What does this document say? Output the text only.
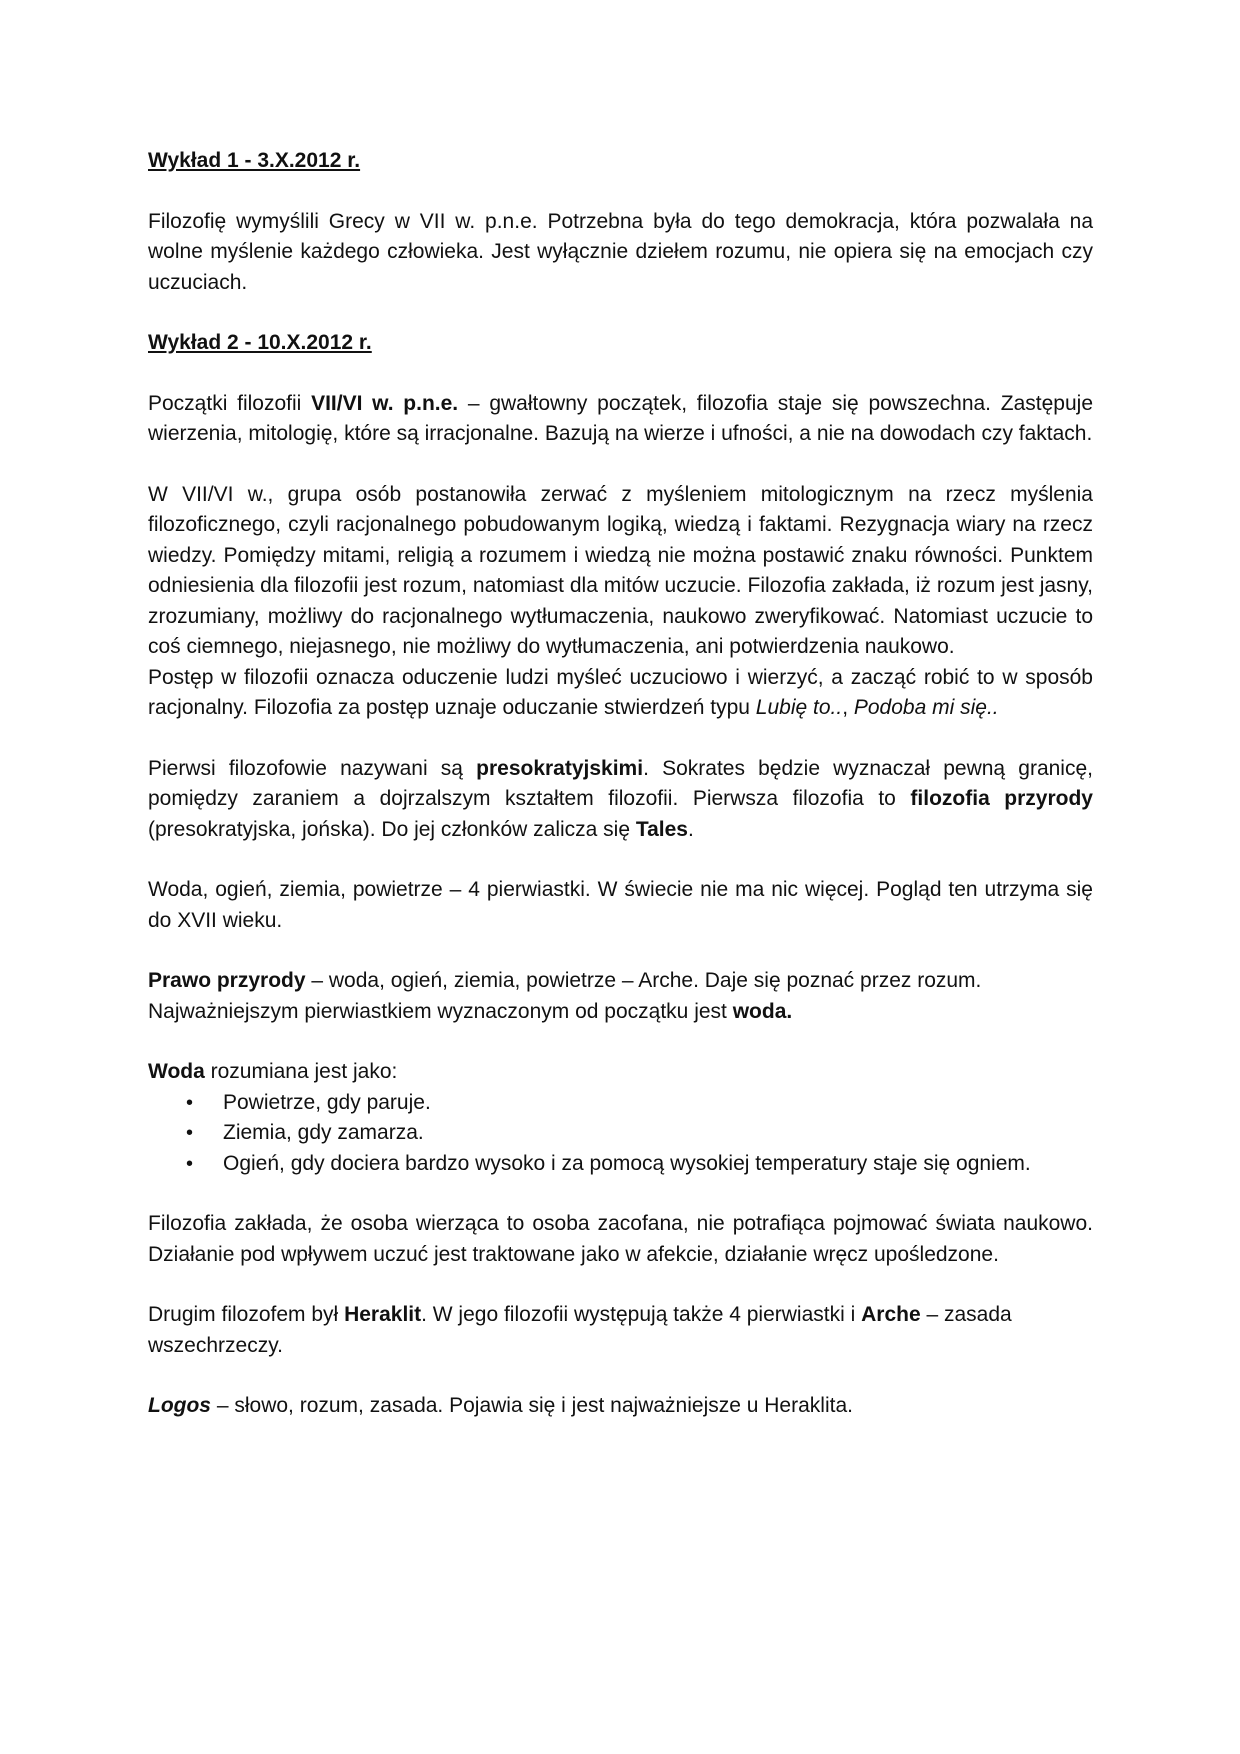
Wykład 1 - 3.X.2012 r.

Filozofię wymyślili Grecy w VII w. p.n.e. Potrzebna była do tego demokracja, która pozwalała na wolne myślenie każdego człowieka. Jest wyłącznie dziełem rozumu, nie opiera się na emocjach czy uczuciach.

Wykład 2 - 10.X.2012 r.

Początki filozofii VII/VI w. p.n.e. – gwałtowny początek, filozofia staje się powszechna. Zastępuje wierzenia, mitologię, które są irracjonalne. Bazują na wierze i ufności, a nie na dowodach czy faktach.

W VII/VI w., grupa osób postanowiła zerwać z myśleniem mitologicznym na rzecz myślenia filozoficznego, czyli racjonalnego pobudowanym logiką, wiedzą i faktami. Rezygnacja wiary na rzecz wiedzy. Pomiędzy mitami, religią a rozumem i wiedzą nie można postawić znaku równości. Punktem odniesienia dla filozofii jest rozum, natomiast dla mitów uczucie. Filozofia zakłada, iż rozum jest jasny, zrozumiany, możliwy do racjonalnego wytłumaczenia, naukowo zweryfikować. Natomiast uczucie to coś ciemnego, niejasnego, nie możliwy do wytłumaczenia, ani potwierdzenia naukowo.

Postęp w filozofii oznacza oduczenie ludzi myśleć uczuciowo i wierzyć, a zacząć robić to w sposób racjonalny. Filozofia za postęp uznaje oduczanie stwierdzeń typu Lubię to.., Podoba mi się..

Pierwsi filozofowie nazywani są presokratyjskimi. Sokrates będzie wyznaczał pewną granicę, pomiędzy zaraniem a dojrzalszym kształtem filozofii. Pierwsza filozofia to filozofia przyrody (presokratyjska, jońska). Do jej członków zalicza się Tales.

Woda, ogień, ziemia, powietrze – 4 pierwiastki. W świecie nie ma nic więcej. Pogląd ten utrzyma się do XVII wieku.

Prawo przyrody – woda, ogień, ziemia, powietrze – Arche. Daje się poznać przez rozum.
Najważniejszym pierwiastkiem wyznaczonym od początku jest woda.

Woda rozumiana jest jako:

• Powietrze, gdy paruje.
• Ziemia, gdy zamarza.
• Ogień, gdy dociera bardzo wysoko i za pomocą wysokiej temperatury staje się ogniem.

Filozofia zakłada, że osoba wierząca to osoba zacofana, nie potrafiąca pojmować świata naukowo. Działanie pod wpływem uczuć jest traktowane jako w afekcie, działanie wręcz upośledzone.

Drugim filozofem był Heraklit. W jego filozofii występują także 4 pierwiastki i Arche – zasada wszechrzeczy.

Logos – słowo, rozum, zasada. Pojawia się i jest najważniejsze u Heraklita.
